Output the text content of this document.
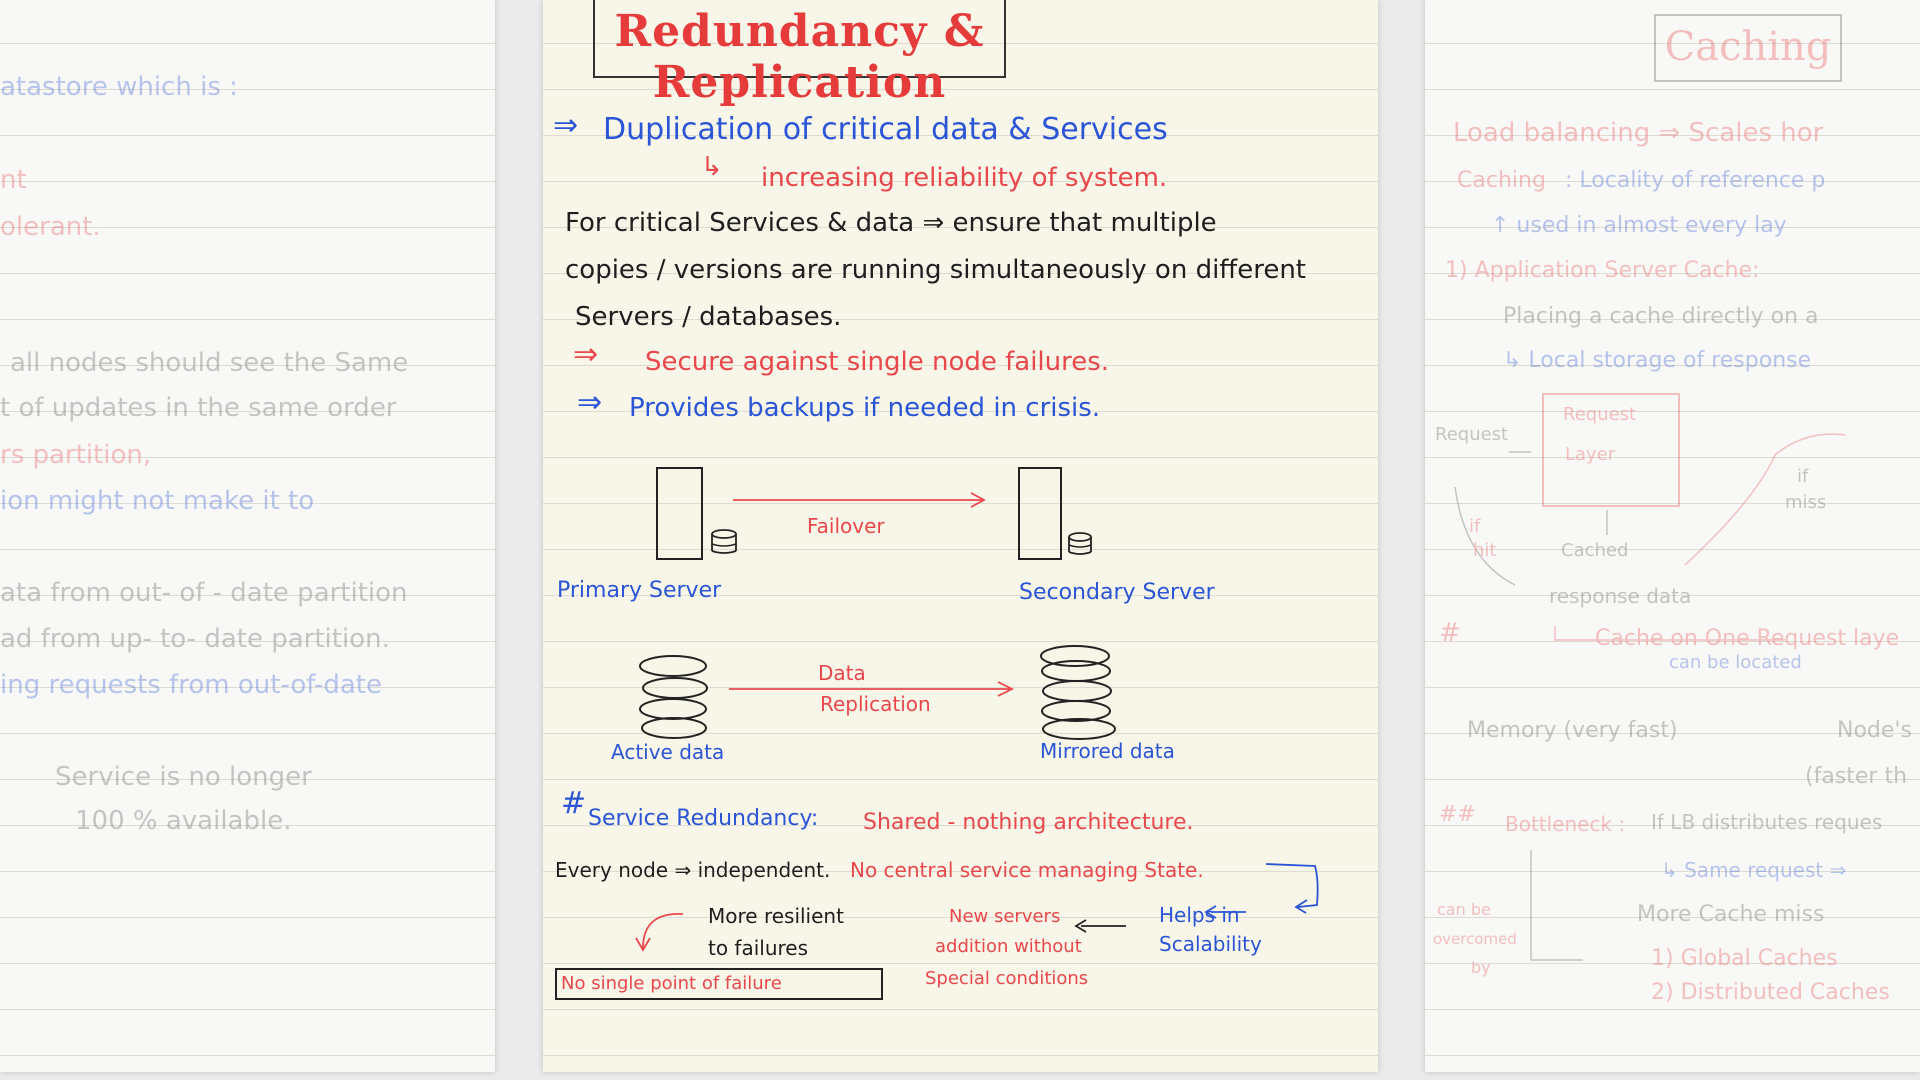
atastore which is :
nt
olerant.
all nodes should see the Same
t of updates in the same order
rs partition,
ion might not make it to
ata from out- of - date partition
ad from up- to- date partition.
ing requests from out-of-date
Service is no longer
100 % available.
Redundancy & Replication
⇒ Duplication of critical data & Services
↳ increasing reliability of system.
For critical Services & data ⇒ ensure that multiple
copies / versions are running simultaneously on different
Servers / databases.
⇒ Secure against single node failures.
⇒ Provides backups if needed in crisis.
Primary Server
Failover
Secondary Server
Active data
Data
Replication
Mirrored data
# Service Redundancy: Shared - nothing architecture.
Every node ⇒ independent. No central service managing State.
More resilient
to failures
New servers
addition without
Special conditions
Helps in
Scalability
No single point of failure
Caching
Load balancing ⇒ Scales hor
Caching : Locality of reference p
↑ used in almost every lay
1) Application Server Cache:
Placing a cache directly on a
↳ Local storage of response
Request
Request
Layer
if
miss
if
hit	Cached
response data
#	Cache on One Request laye
can be located
Memory (very fast)	Node's
(faster th
## Bottleneck : If LB distributes reques
↳ Same request ⇒
can be
overcomed
by
More Cache miss
1) Global Caches
2) Distributed Caches
